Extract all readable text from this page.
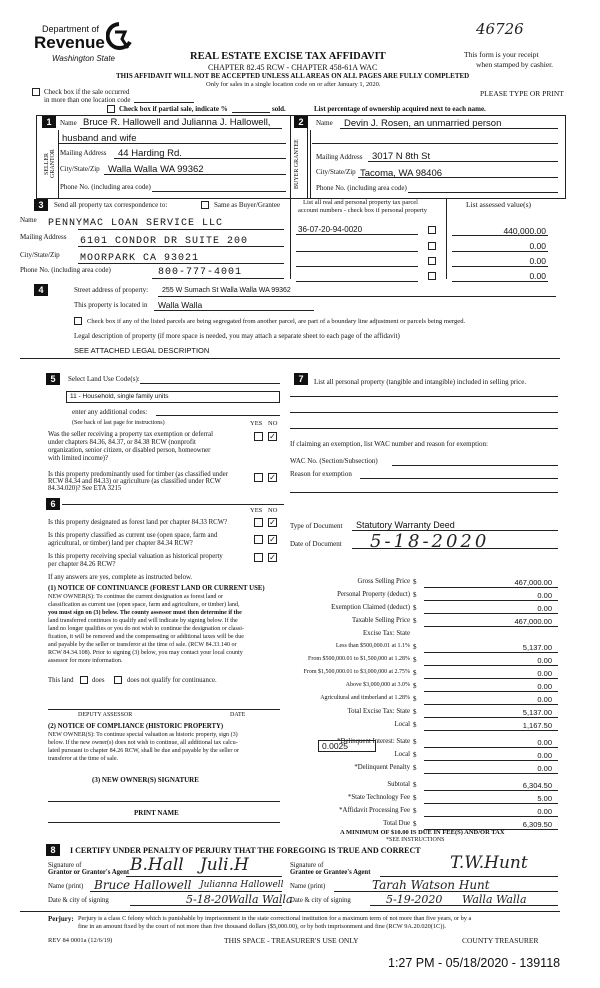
Department of
Revenue
Washington State	REAL ESTATE EXCISE TAX AFFIDAVIT
CHAPTER 82.45 RCW - CHAPTER 458-61A WAC
THIS AFFIDAVIT WILL NOT BE ACCEPTED UNLESS ALL AREAS ON ALL PAGES ARE FULLY COMPLETED
Only for sales in a single location code on or after January 1, 2020.
46726
This form is your receipt
when stamped by cashier.
PLEASE TYPE OR PRINT
Check box if the sale occurred
in more than one location code
Check box if partial sale, indicate %	sold.	List percentage of ownership acquired next to each name.
1	2
SELLER GRANTOR
Name Bruce R. Hallowell and Julianna J. Hallowell,
husband and wife
Mailing Address 44 Harding Rd.
City/State/Zip Walla Walla WA 99362
Phone No. (including area code)	BUYER GRANTEE
Name Devin J. Rosen, an unmarried person
Mailing Address 3017 N 8th St
City/State/Zip Tacoma, WA 98406
Phone No. (including area code)
3	Send all property tax correspondence to:	Same as Buyer/Grantee	List all real and personal property tax parcel
account numbers - check box if personal property
List assessed value(s)
Name PENNYMAC LOAN SERVICE LLC
Mailing Address 6101 CONDOR DR SUITE 200
City/State/Zip MOORPARK CA 93021
Phone No. (including area code)	800-777-4001
36-07-20-94-0020	440,000.00
0.00
0.00
0.00
4	Street address of property: 255 W Sumach St Walla Walla WA 99362
This property is located in Walla Walla
Check box if any of the listed parcels are being segregated from another parcel, are part of a boundary line adjustment or parcels being merged.
Legal description of property (if more space is needed, you may attach a separate sheet to each page of the affidavit)
SEE ATTACHED LEGAL DESCRIPTION
5	Select Land Use Code(s):
11 - Household, single family units
enter any additional codes:
(See back of last page for instructions)	YES NO
Was the seller receiving a property tax exemption or deferral
under chapters 84.36, 84.37, or 84.38 RCW (nonprofit
organization, senior citizen, or disabled person, homeowner
with limited income)?
✓
Is this property predominantly used for timber (as classified under
RCW 84.34 and 84.33) or agriculture (as classified under RCW
84.34.020)? See ETA 3215
✓
6
YES NO
Is this property designated as forest land per chapter 84.33 RCW?	✓
Is this property classified as current use (open space, farm and
agricultural, or timber) land per chapter 84.34 RCW?	✓
Is this property receiving special valuation as historical property
per chapter 84.26 RCW?
✓
If any answers are yes, complete as instructed below.
(1) NOTICE OF CONTINUANCE (FOREST LAND OR CURRENT USE)
NEW OWNER(S): To continue the current designation as forest land or
classification as current use (open space, farm and agriculture, or timber) land,
you must sign on (3) below. The county assessor must then determine if the
land transferred continues to qualify and will indicate by signing below. If the
land no longer qualifies or you do not wish to continue the designation or classi-
fication, it will be removed and the compensating or additional taxes will be due
and payable by the seller or transferor at the time of sale. (RCW 84.33.140 or
RCW 84.34.108). Prior to signing (3) below, you may contact your local county
assessor for more information.
This land	does	does not qualify for continuance.
DEPUTY ASSESSOR	DATE
(2) NOTICE OF COMPLIANCE (HISTORIC PROPERTY)
NEW OWNER(S): To continue special valuation as historic property, sign (3)
below. If the new owner(s) does not wish to continue, all additional tax calcu-
lated pursuant to chapter 84.26 RCW, shall be due and payable by the seller or
transferor at the time of sale.
(3) NEW OWNER(S) SIGNATURE
PRINT NAME
7	List all personal property (tangible and intangible) included in selling price.
If claiming an exemption, list WAC number and reason for exemption:
WAC No. (Section/Subsection)
Reason for exemption
Type of Document Statutory Warranty Deed
Date of Document 5-18-2020
Gross Selling Price $	467,000.00
Personal Property (deduct) $	0.00
Exemption Claimed (deduct) $	0.00
Taxable Selling Price $	467,000.00
Excise Tax: State
Less than $500,000.01 at 1.1% $	5,137.00
From $500,000.01 to $1,500,000 at 1.28% $	0.00
From $1,500,000.01 to $3,000,000 at 2.75% $	0.00
Above $3,000,000 at 3.0% $	0.00
Agricultural and timberland at 1.28% $	0.00
Total Excise Tax: State $	5,137.00
Local $	1,167.50
*Delinquent Interest: State $	0.00
Local $	0.00
*Delinquent Penalty $	0.00
Subtotal $	6,304.50
*State Technology Fee $	5.00
*Affidavit Processing Fee $	0.00
Total Due $	6,309.50
0.0025
A MINIMUM OF $10.00 IS DUE IN FEE(S) AND/OR TAX
*SEE INSTRUCTIONS
8	I CERTIFY UNDER PENALTY OF PERJURY THAT THE FOREGOING IS TRUE AND CORRECT
Signature of
Grantor or Grantor's Agent B.Hall   Juli.H	Signature of
Grantee or Grantee's Agent	T.W.Hunt
Name (print) Bruce Hallowell Julianna Hallowell Name (print)	Tarah Watson Hunt
Date & city of signing	5-18-20 Walla Walla
Date & city of signing	5-19-2020 Walla Walla
Perjury: Perjury is a class C felony which is punishable by imprisonment in the state correctional institution for a maximum term of not more than five years, or by a
fine in an amount fixed by the court of not more than five thousand dollars ($5,000.00), or by both imprisonment and fine (RCW 9A.20.020(1C)).
REV 84 0001a (12/6/19)	THIS SPACE - TREASURER'S USE ONLY	COUNTY TREASURER
1:27 PM - 05/18/2020 - 139118
